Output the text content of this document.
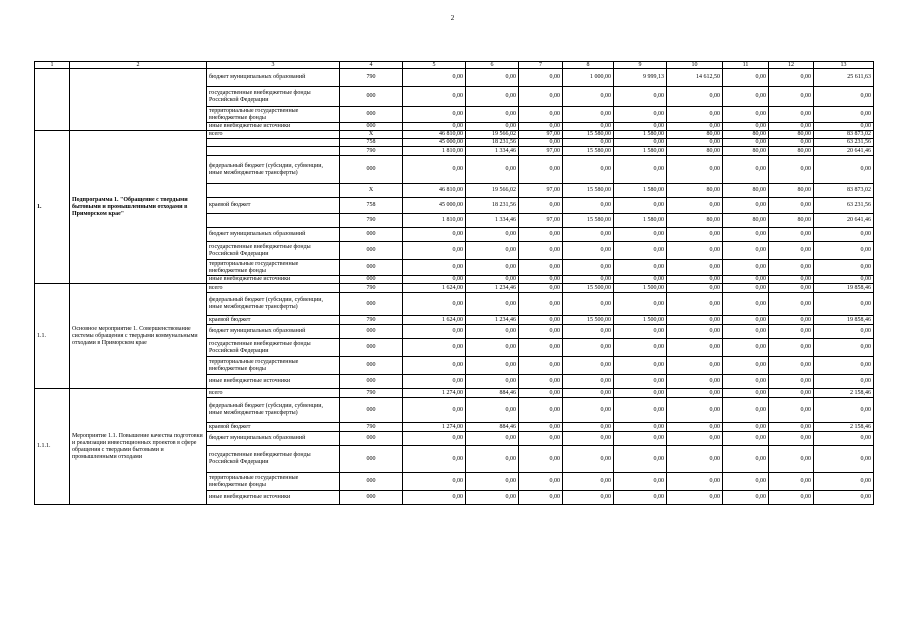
2
1	2	3	4	5	6	7	8	9	10	11	12	13
		бюджет муниципальных образований	790	0,00	0,00	0,00	1 000,00	9 999,13	14 612,50	0,00	0,00	25 611,63
		государственные внебюджетные фонды Российской Федерации	000	0,00	0,00	0,00	0,00	0,00	0,00	0,00	0,00	0,00
		территориальные государственные внебюджетные фонды	000	0,00	0,00	0,00	0,00	0,00	0,00	0,00	0,00	0,00
		иные внебюджетные источники	000	0,00	0,00	0,00	0,00	0,00	0,00	0,00	0,00	0,00
1.	Подпрограмма 1. "Обращение с твердыми бытовыми и промышленными отходами в Приморском крае"	всего	X	46 810,00	19 566,02	97,00	15 580,00	1 580,00	80,00	80,00	80,00	83 873,02
			758	45 000,00	18 231,56	0,00	0,00	0,00	0,00	0,00	0,00	63 231,56
			790	1 810,00	1 334,46	97,00	15 580,00	1 580,00	80,00	80,00	80,00	20 641,46
		федеральный бюджет (субсидии, субвенции, иные межбюджетные трансферты)	000	0,00	0,00	0,00	0,00	0,00	0,00	0,00	0,00	0,00
			X	46 810,00	19 566,02	97,00	15 580,00	1 580,00	80,00	80,00	80,00	83 873,02
		краевой бюджет	758	45 000,00	18 231,56	0,00	0,00	0,00	0,00	0,00	0,00	63 231,56
			790	1 810,00	1 334,46	97,00	15 580,00	1 580,00	80,00	80,00	80,00	20 641,46
		бюджет муниципальных образований	000	0,00	0,00	0,00	0,00	0,00	0,00	0,00	0,00	0,00
		государственные внебюджетные фонды Российской Федерации	000	0,00	0,00	0,00	0,00	0,00	0,00	0,00	0,00	0,00
		территориальные государственные внебюджетные фонды	000	0,00	0,00	0,00	0,00	0,00	0,00	0,00	0,00	0,00
		иные внебюджетные источники	000	0,00	0,00	0,00	0,00	0,00	0,00	0,00	0,00	0,00
1.1.	Основное мероприятие 1. Совершенствование системы обращения с твердыми коммунальными отходами в Приморском крае	всего	790	1 624,00	1 234,46	0,00	15 500,00	1 500,00	0,00	0,00	0,00	19 858,46
		федеральный бюджет (субсидии, субвенции, иные межбюджетные трансферты)	000	0,00	0,00	0,00	0,00	0,00	0,00	0,00	0,00	0,00
		краевой бюджет	790	1 624,00	1 234,46	0,00	15 500,00	1 500,00	0,00	0,00	0,00	19 858,46
		бюджет муниципальных образований	000	0,00	0,00	0,00	0,00	0,00	0,00	0,00	0,00	0,00
		государственные внебюджетные фонды Российской Федерации	000	0,00	0,00	0,00	0,00	0,00	0,00	0,00	0,00	0,00
		территориальные государственные внебюджетные фонды	000	0,00	0,00	0,00	0,00	0,00	0,00	0,00	0,00	0,00
		иные внебюджетные источники	000	0,00	0,00	0,00	0,00	0,00	0,00	0,00	0,00	0,00
1.1.1.	Мероприятие 1.1. Повышение качества подготовки и реализации инвестиционных проектов в сфере обращения с твердыми бытовыми и промышленными отходами	всего	790	1 274,00	884,46	0,00	0,00	0,00	0,00	0,00	0,00	2 158,46
		федеральный бюджет (субсидии, субвенции, иные межбюджетные трансферты)	000	0,00	0,00	0,00	0,00	0,00	0,00	0,00	0,00	0,00
		краевой бюджет	790	1 274,00	884,46	0,00	0,00	0,00	0,00	0,00	0,00	2 158,46
		бюджет муниципальных образований	000	0,00	0,00	0,00	0,00	0,00	0,00	0,00	0,00	0,00
		государственные внебюджетные фонды Российской Федерации	000	0,00	0,00	0,00	0,00	0,00	0,00	0,00	0,00	0,00
		территориальные государственные внебюджетные фонды	000	0,00	0,00	0,00	0,00	0,00	0,00	0,00	0,00	0,00
		иные внебюджетные источники	000	0,00	0,00	0,00	0,00	0,00	0,00	0,00	0,00	0,00
